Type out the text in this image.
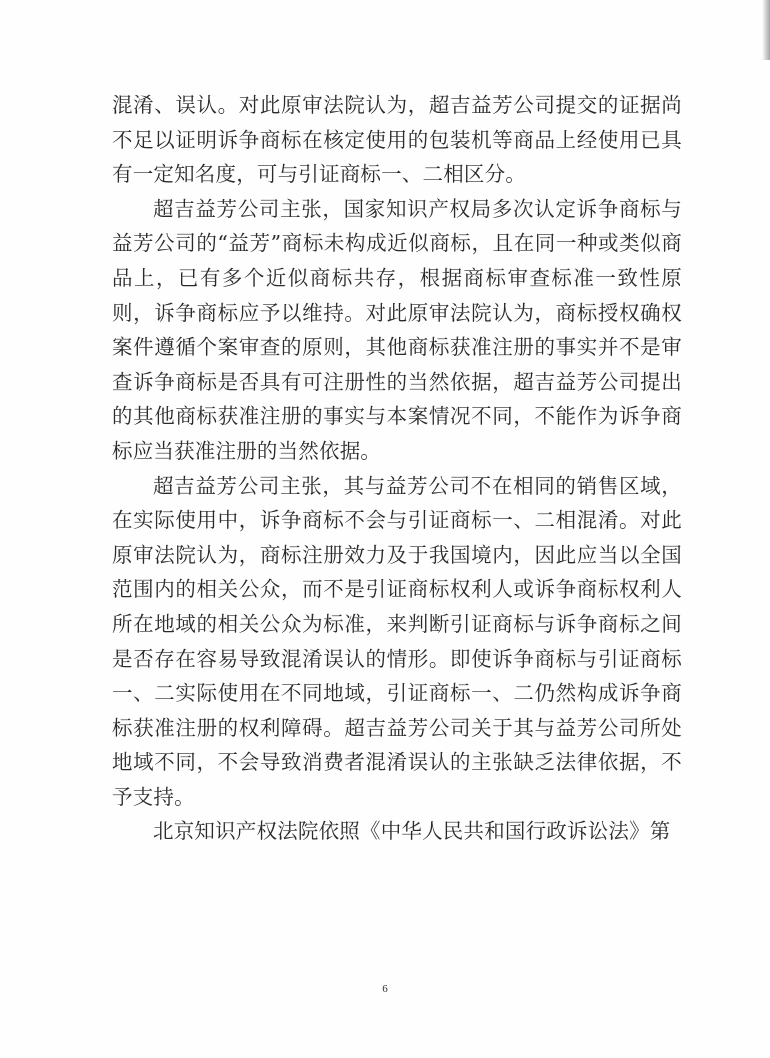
混淆、误认。对此原审法院认为，超吉益芳公司提交的证据尚不足以证明诉争商标在核定使用的包装机等商品上经使用已具有一定知名度，可与引证商标一、二相区分。

超吉益芳公司主张，国家知识产权局多次认定诉争商标与益芳公司的“益芳”商标未构成近似商标，且在同一种或类似商品上，已有多个近似商标共存，根据商标审查标准一致性原则，诉争商标应予以维持。对此原审法院认为，商标授权确权案件遵循个案审查的原则，其他商标获准注册的事实并不是审查诉争商标是否具有可注册性的当然依据，超吉益芳公司提出的其他商标获准注册的事实与本案情况不同，不能作为诉争商标应当获准注册的当然依据。

超吉益芳公司主张，其与益芳公司不在相同的销售区域，在实际使用中，诉争商标不会与引证商标一、二相混淆。对此原审法院认为，商标注册效力及于我国境内，因此应当以全国范围内的相关公众，而不是引证商标权利人或诉争商标权利人所在地域的相关公众为标准，来判断引证商标与诉争商标之间是否存在容易导致混淆误认的情形。即使诉争商标与引证商标一、二实际使用在不同地域，引证商标一、二仍然构成诉争商标获准注册的权利障碍。超吉益芳公司关于其与益芳公司所处地域不同，不会导致消费者混淆误认的主张缺乏法律依据，不予支持。

北京知识产权法院依照《中华人民共和国行政诉讼法》第

6
